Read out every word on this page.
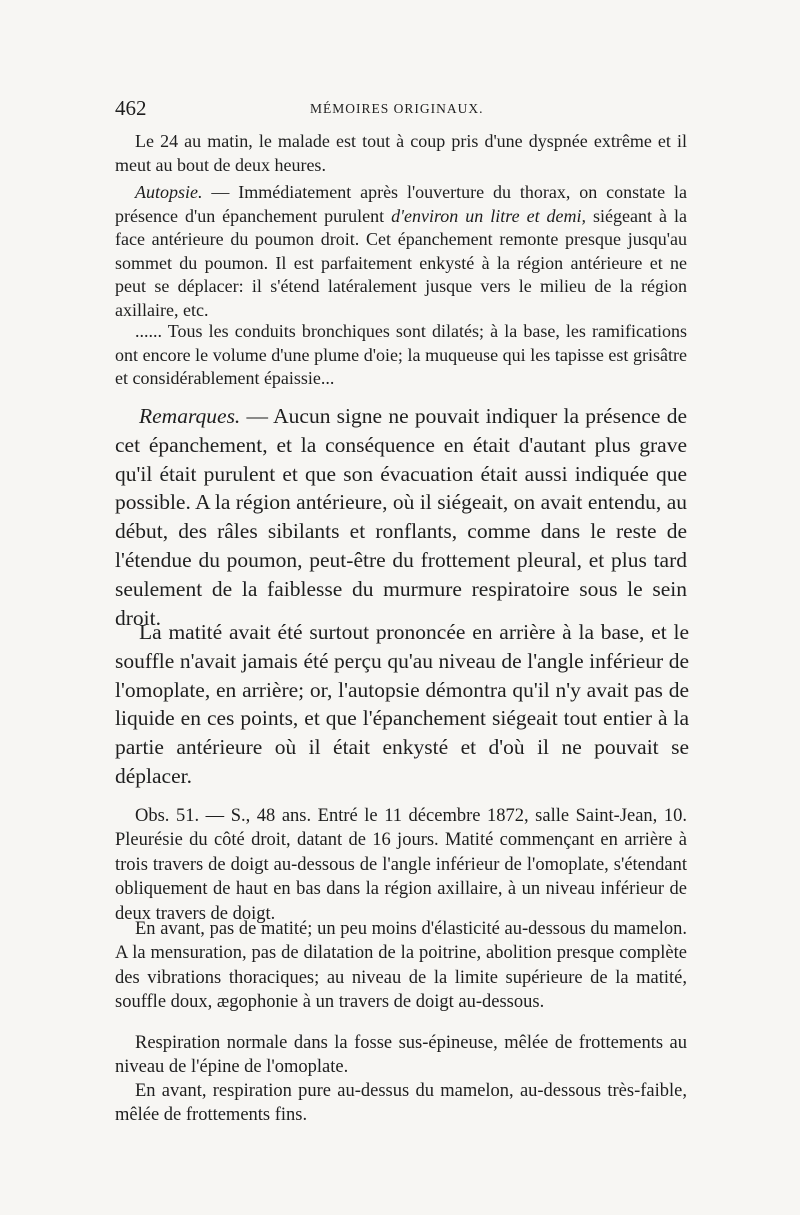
462	MÉMOIRES ORIGINAUX.

Le 24 au matin, le malade est tout à coup pris d'une dyspnée extrême et il meut au bout de deux heures.

Autopsie. — Immédiatement après l'ouverture du thorax, on constate la présence d'un épanchement purulent d'environ un litre et demi, siégeant à la face antérieure du poumon droit. Cet épanchement remonte presque jusqu'au sommet du poumon. Il est parfaitement enkysté à la région antérieure et ne peut se déplacer: il s'étend latéralement jusque vers le milieu de la région axillaire, etc.

...... Tous les conduits bronchiques sont dilatés; à la base, les ramifications ont encore le volume d'une plume d'oie; la muqueuse qui les tapisse est grisâtre et considérablement épaissie...

Remarques. — Aucun signe ne pouvait indiquer la présence de cet épanchement, et la conséquence en était d'autant plus grave qu'il était purulent et que son évacuation était aussi indiquée que possible. A la région antérieure, où il siégeait, on avait entendu, au début, des râles sibilants et ronflants, comme dans le reste de l'étendue du poumon, peut-être du frottement pleural, et plus tard seulement de la faiblesse du murmure respiratoire sous le sein droit.

La matité avait été surtout prononcée en arrière à la base, et le souffle n'avait jamais été perçu qu'au niveau de l'angle inférieur de l'omoplate, en arrière; or, l'autopsie démontra qu'il n'y avait pas de liquide en ces points, et que l'épanchement siégeait tout entier à la partie antérieure où il était enkysté et d'où il ne pouvait se déplacer.

Obs. 51. — S., 48 ans. Entré le 11 décembre 1872, salle Saint-Jean, 10. Pleurésie du côté droit, datant de 16 jours. Matité commençant en arrière à trois travers de doigt au-dessous de l'angle inférieur de l'omoplate, s'étendant obliquement de haut en bas dans la région axillaire, à un niveau inférieur de deux travers de doigt.

En avant, pas de matité; un peu moins d'élasticité au-dessous du mamelon. A la mensuration, pas de dilatation de la poitrine, abolition presque complète des vibrations thoraciques; au niveau de la limite supérieure de la matité, souffle doux, ægophonie à un travers de doigt au-dessous.

Respiration normale dans la fosse sus-épineuse, mêlée de frottements au niveau de l'épine de l'omoplate.

En avant, respiration pure au-dessus du mamelon, au-dessous très-faible, mêlée de frottements fins.
